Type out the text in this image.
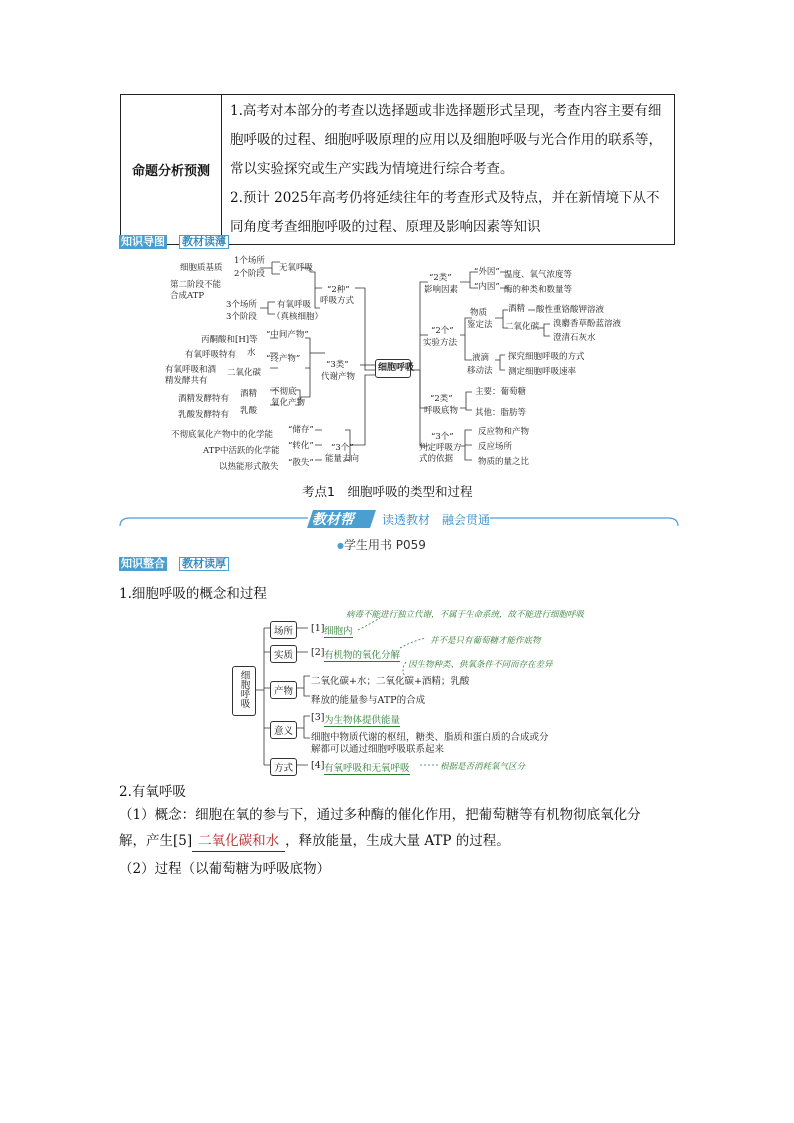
命题分析预测	
1.高考对本部分的考查以选择题或非选择题形式呈现，考查内容主要有细胞呼吸的过程、细胞呼吸原理的应用以及细胞呼吸与光合作用的联系等，常以实验探究或生产实践为情境进行综合考查。
2.预计 2025年高考仍将延续往年的考查形式及特点，并在新情境下从不同角度考查细胞呼吸的过程、原理及影响因素等知识
知识导图 教材读薄
细胞质基质
1个场所
2个阶段
第二阶段不能
合成ATP
无氧呼吸
3个场所
3个阶段
有氧呼吸
（真核细胞）
“2种”
呼吸方式
丙酮酸和[H]等 “中间产物”
有氧呼吸特有 水
“终产物”
有氧呼吸和酒
精发酵共有
二氧化碳
“3类”
代谢产物
酒精发酵特有 酒精
乳酸发酵特有 乳酸
不彻底
氧化产物
不彻底氧化产物中的化学能 “储存”
ATP中活跃的化学能 “转化”
以热能形式散失 “散失”
“3个”
能量去向
细胞呼吸
“2类”
影响因素
“外因” 温度、氧气浓度等
“内因” 酶的种类和数量等
“2个”
实验方法
物质
鉴定法
酒精 酸性重铬酸钾溶液
二氧化碳 溴麝香草酚蓝溶液
澄清石灰水
液滴
移动法
探究细胞呼吸的方式
测定细胞呼吸速率
“2类”
呼吸底物
主要：葡萄糖
其他：脂肪等
“3个”
判定呼吸方
式的依据
反应物和产物
反应场所
物质的量之比
考点1　细胞呼吸的类型和过程
教材帮 读透教材　融会贯通
●学生用书 P059
知识整合 教材读厚
1.细胞呼吸的概念和过程
细胞呼吸
场所
实质
产物
意义
方式
病毒不能进行独立代谢，不属于生命系统，故不能进行细胞呼吸
[1] 细胞内
[2] 有机物的氧化分解
并不是只有葡萄糖才能作底物
因生物种类、供氧条件不同而存在差异
二氧化碳+水；二氧化碳+酒精；乳酸
释放的能量参与ATP的合成
[3] 为生物体提供能量
细胞中物质代谢的枢纽，糖类、脂质和蛋白质的合成或分
解都可以通过细胞呼吸联系起来
[4] 有氧呼吸和无氧呼吸	根据是否消耗氧气区分
2.有氧呼吸
（1）概念：细胞在氧的参与下，通过多种酶的催化作用，把葡萄糖等有机物彻底氧化分
解，产生[5] 二氧化碳和水 ，释放能量，生成大量 ATP 的过程。
（2）过程（以葡萄糖为呼吸底物）
